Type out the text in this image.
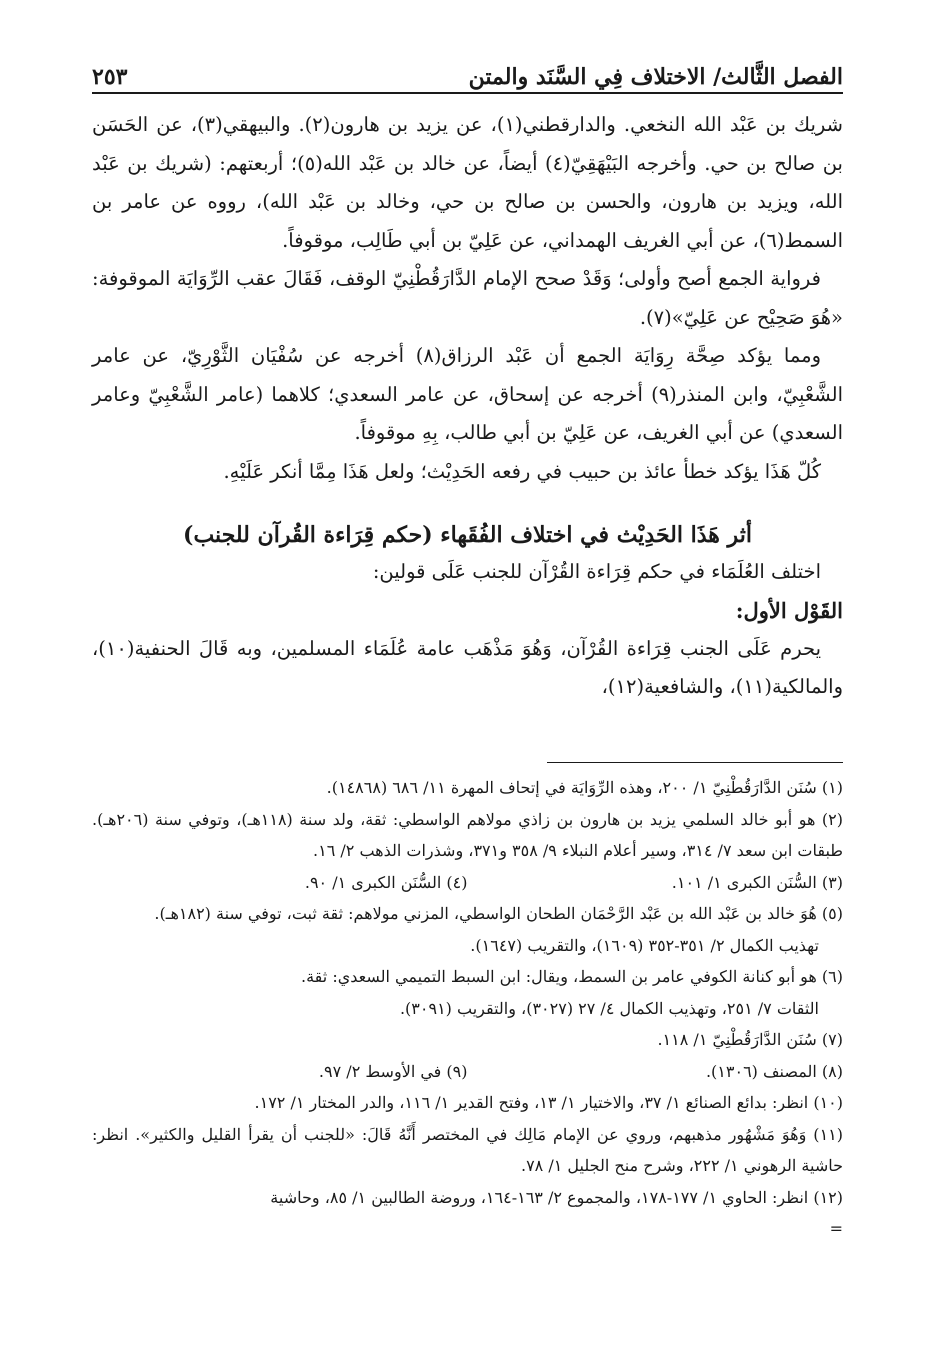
الفصل الثَّالث/ الاختلاف فِي السَّنَد والمتن
٢٥٣

شريك بن عَبْد الله النخعي. والدارقطني(١)، عن يزيد بن هارون(٢). والبيهقي(٣)، عن الحَسَن بن صالح بن حي. وأخرجه البَيْهَقِيّ(٤) أيضاً، عن خالد بن عَبْد الله(٥)؛ أربعتهم: (شريك بن عَبْد الله، ويزيد بن هارون، والحسن بن صالح بن حي، وخالد بن عَبْد الله)، رووه عن عامر بن السمط(٦)، عن أبي الغريف الهمداني، عن عَلِيّ بن أبي طَالِب، موقوفاً.

فرواية الجمع أصح وأولى؛ وَقَدْ صحح الإمام الدَّارَقُطْنِيّ الوقف، فَقَالَ عقب الرِّوَايَة الموقوفة: «هُوَ صَحِيْح عن عَلِيّ»(٧).

ومما يؤكد صِحَّة رِوَايَة الجمع أن عَبْد الرزاق(٨) أخرجه عن سُفْيَان الثَّوْرِيّ، عن عامر الشَّعْبِيّ، وابن المنذر(٩) أخرجه عن إسحاق، عن عامر السعدي؛ كلاهما (عامر الشَّعْبِيّ وعامر السعدي) عن أبي الغريف، عن عَلِيّ بن أبي طالب، بِهِ موقوفاً.

كُلّ هَذَا يؤكد خطأ عائذ بن حبيب في رفعه الحَدِيْث؛ ولعل هَذَا مِمَّا أنكر عَلَيْهِ.

أثر هَذَا الحَدِيْث في اختلاف الفُقَهاء (حكم قِرَاءة القُرآن للجنب)

اختلف العُلَمَاء في حكم قِرَاءة القُرْآن للجنب عَلَى قولين:

القَوْل الأول:

يحرم عَلَى الجنب قِرَاءة القُرْآن، وَهُوَ مَذْهَب عامة عُلَمَاء المسلمين، وبه قَالَ الحنفية(١٠)، والمالكية(١١)، والشافعية(١٢)،

(١) سُنَن الدَّارَقُطْنِيّ ١/ ٢٠٠، وهذه الرِّوَايَة في إتحاف المهرة ١١/ ٦٨٦ (١٤٨٦٨).

(٢) هو أبو خالد السلمي يزيد بن هارون بن زاذي مولاهم الواسطي: ثقة، ولد سنة (١١٨هـ)، وتوفي سنة (٢٠٦هـ). طبقات ابن سعد ٧/ ٣١٤، وسير أعلام النبلاء ٩/ ٣٥٨ و٣٧١، وشذرات الذهب ٢/ ١٦.

(٣) السُّنَن الكبرى ١/ ١٠١.
(٤) السُّنَن الكبرى ١/ ٩٠.

(٥) هُوَ خالد بن عَبْد الله بن عَبْد الرَّحْمَان الطحان الواسطي، المزني مولاهم: ثقة ثبت، توفي سنة (١٨٢هـ).

تهذيب الكمال ٢/ ٣٥١-٣٥٢ (١٦٠٩)، والتقريب (١٦٤٧).

(٦) هو أبو كنانة الكوفي عامر بن السمط، ويقال: ابن السبط التميمي السعدي: ثقة.

الثقات ٧/ ٢٥١، وتهذيب الكمال ٤/ ٢٧ (٣٠٢٧)، والتقريب (٣٠٩١).

(٧) سُنَن الدَّارَقُطْنِيّ ١/ ١١٨.

(٨) المصنف (١٣٠٦).
(٩) في الأوسط ٢/ ٩٧.

(١٠) انظر: بدائع الصنائع ١/ ٣٧، والاختيار ١/ ١٣، وفتح القدير ١/ ١١٦، والدر المختار ١/ ١٧٢.

(١١) وَهُوَ مَشْهُور مذهبهم، وروي عن الإمام مَالِك في المختصر أَنَّهُ قَالَ: «للجنب أن يقرأ القليل والكثير». انظر: حاشية الرهوني ١/ ٢٢٢، وشرح منح الجليل ١/ ٧٨.

(١٢) انظر: الحاوي ١/ ١٧٧-١٧٨، والمجموع ٢/ ١٦٣-١٦٤، وروضة الطالبين ١/ ٨٥، وحاشية

=
